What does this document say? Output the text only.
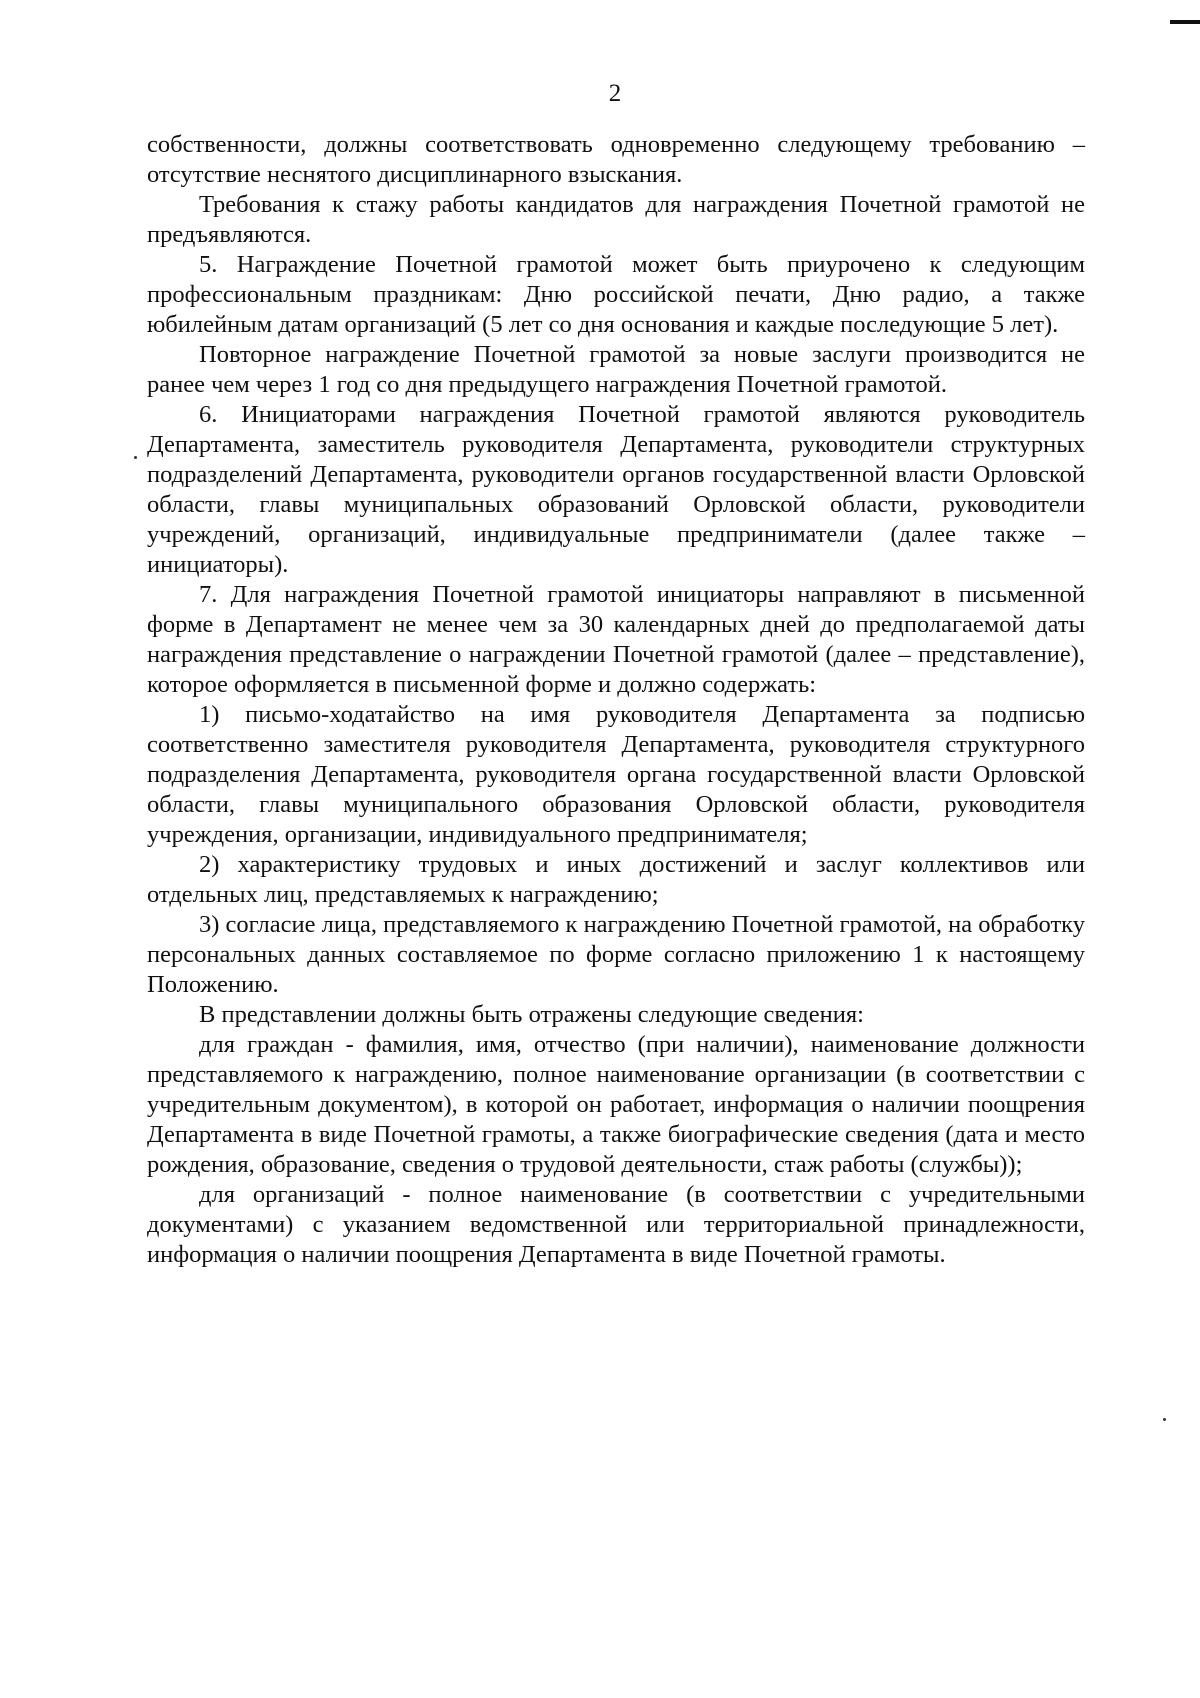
2
собственности, должны соответствовать одновременно следующему требованию – отсутствие неснятого дисциплинарного взыскания.
Требования к стажу работы кандидатов для награждения Почетной грамотой не предъявляются.
5. Награждение Почетной грамотой может быть приурочено к следующим профессиональным праздникам: Дню российской печати, Дню радио, а также юбилейным датам организаций (5 лет со дня основания и каждые последующие 5 лет).
Повторное награждение Почетной грамотой за новые заслуги производится не ранее чем через 1 год со дня предыдущего награждения Почетной грамотой.
6. Инициаторами награждения Почетной грамотой являются руководитель Департамента, заместитель руководителя Департамента, руководители структурных подразделений Департамента, руководители органов государственной власти Орловской области, главы муниципальных образований Орловской области, руководители учреждений, организаций, индивидуальные предприниматели (далее также – инициаторы).
7. Для награждения Почетной грамотой инициаторы направляют в письменной форме в Департамент не менее чем за 30 календарных дней до предполагаемой даты награждения представление о награждении Почетной грамотой (далее – представление), которое оформляется в письменной форме и должно содержать:
1) письмо-ходатайство на имя руководителя Департамента за подписью соответственно заместителя руководителя Департамента, руководителя структурного подразделения Департамента, руководителя органа государственной власти Орловской области, главы муниципального образования Орловской области, руководителя учреждения, организации, индивидуального предпринимателя;
2) характеристику трудовых и иных достижений и заслуг коллективов или отдельных лиц, представляемых к награждению;
3) согласие лица, представляемого к награждению Почетной грамотой, на обработку персональных данных составляемое по форме согласно приложению 1 к настоящему Положению.
В представлении должны быть отражены следующие сведения:
для граждан - фамилия, имя, отчество (при наличии), наименование должности представляемого к награждению, полное наименование организации (в соответствии с учредительным документом), в которой он работает, информация о наличии поощрения Департамента в виде Почетной грамоты, а также биографические сведения (дата и место рождения, образование, сведения о трудовой деятельности, стаж работы (службы));
для организаций - полное наименование (в соответствии с учредительными документами) с указанием ведомственной или территориальной принадлежности, информация о наличии поощрения Департамента в виде Почетной грамоты.
